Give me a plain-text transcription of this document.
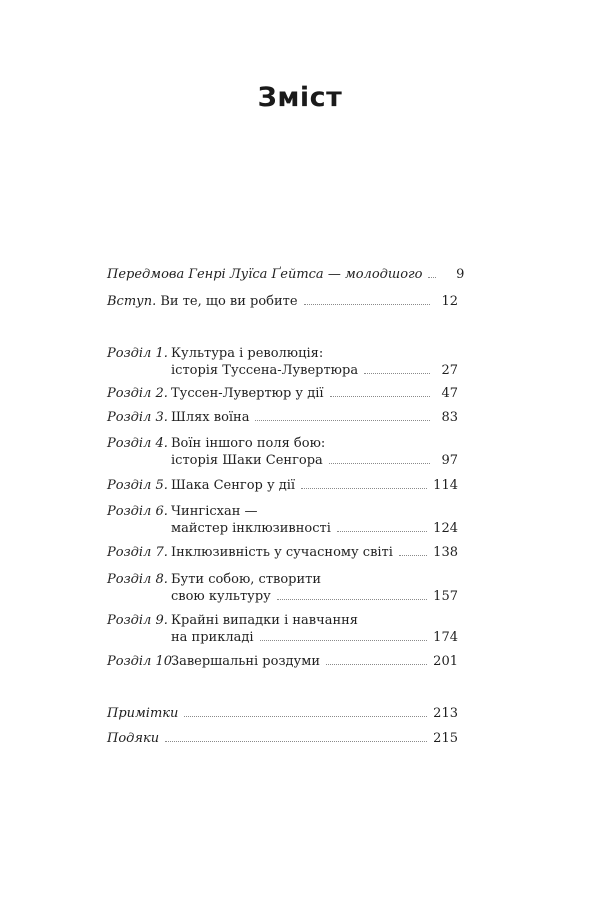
Зміст
Передмова Генрі Луїса Ґейтса — молодшого	9
Вступ. Ви те, що ви робите	12
Розділ 1. Культура і революція:
історія Туссена-Лувертюра	27
Розділ 2. Туссен-Лувертюр у дії	47
Розділ 3. Шлях воїна	83
Розділ 4. Воїн іншого поля бою:
історія Шаки Сенгора	97
Розділ 5. Шака Сенгор у дії	114
Розділ 6. Чингісхан —
майстер інклюзивності	124
Розділ 7. Інклюзивність у сучасному світі	138
Розділ 8. Бути собою, створити
свою культуру	157
Розділ 9. Крайні випадки і навчання
на прикладі	174
Розділ 10.
Завершальні роздуми	201
Примітки	213
Подяки	215
